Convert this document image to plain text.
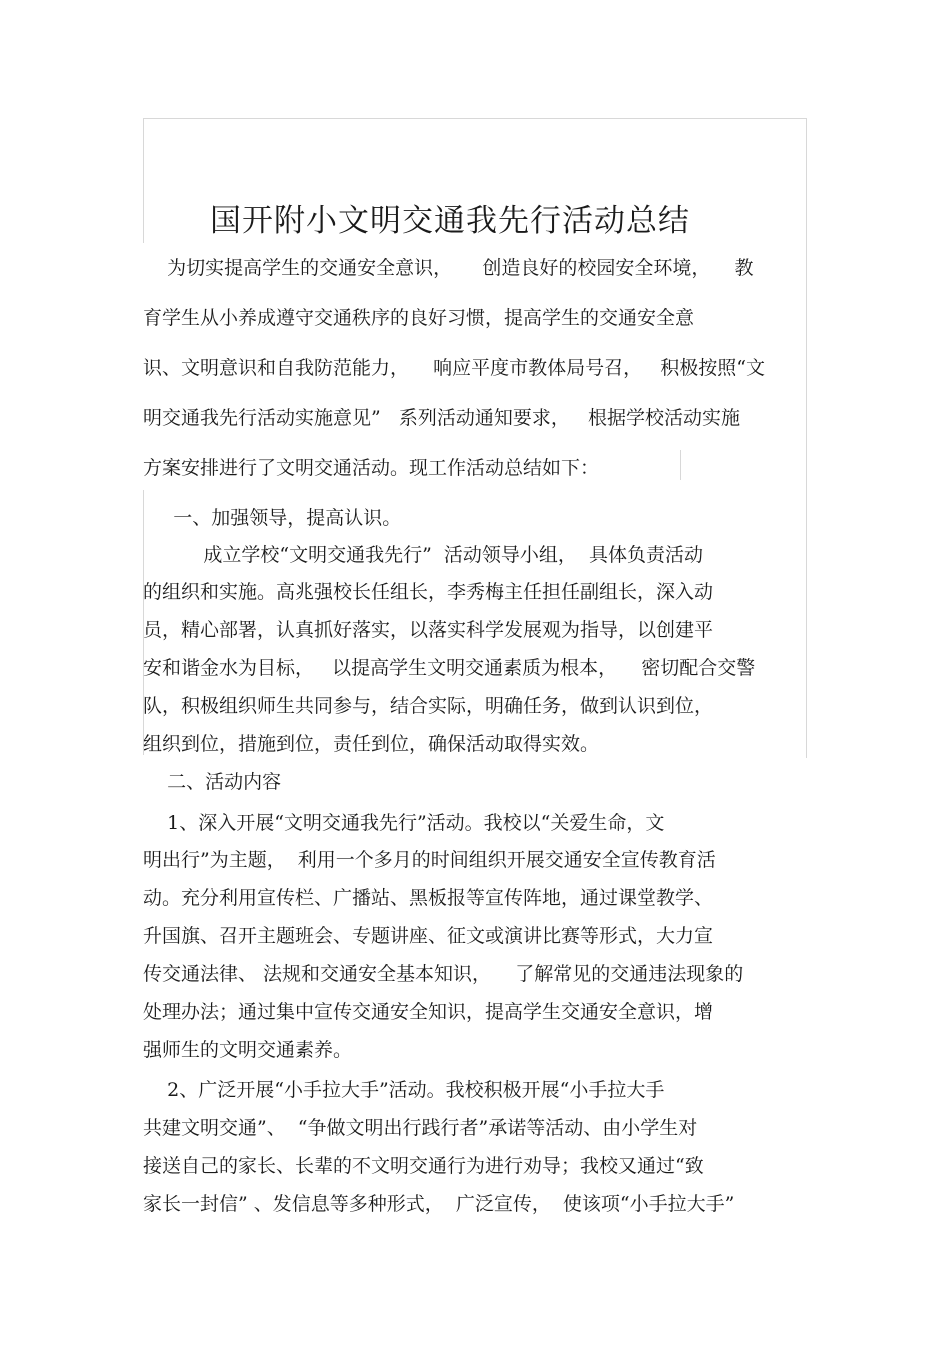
国开附小文明交通我先行活动总结
为切实提高学生的交通安全意识，     创造良好的校园安全环境，    教
育学生从小养成遵守交通秩序的良好习惯，提高学生的交通安全意
识、文明意识和自我防范能力，    响应平度市教体局号召，   积极按照“文
明交通我先行活动实施意见”   系列活动通知要求，   根据学校活动实施
方案安排进行了文明交通活动。现工作活动总结如下：
一、加强领导，提高认识。
成立学校“文明交通我先行”  活动领导小组，  具体负责活动
的组织和实施。高兆强校长任组长，李秀梅主任担任副组长，深入动
员，精心部署，认真抓好落实，以落实科学发展观为指导，以创建平
安和谐金水为目标，   以提高学生文明交通素质为根本，    密切配合交警
队，积极组织师生共同参与，结合实际，明确任务，做到认识到位，
组织到位，措施到位，责任到位，确保活动取得实效。
二、活动内容
1、深入开展“文明交通我先行”活动。我校以“关爱生命，文
明出行”为主题，  利用一个多月的时间组织开展交通安全宣传教育活
动。充分利用宣传栏、广播站、黑板报等宣传阵地，通过课堂教学、
升国旗、召开主题班会、专题讲座、征文或演讲比赛等形式，大力宣
传交通法律、 法规和交通安全基本知识，    了解常见的交通违法现象的
处理办法；通过集中宣传交通安全知识，提高学生交通安全意识，增
强师生的文明交通素养。
2、广泛开展“小手拉大手”活动。我校积极开展“小手拉大手
共建文明交通”、  “争做文明出行践行者”承诺等活动、由小学生对
接送自己的家长、长辈的不文明交通行为进行劝导；我校又通过“致
家长一封信” 、发信息等多种形式，  广泛宣传，  使该项“小手拉大手”
